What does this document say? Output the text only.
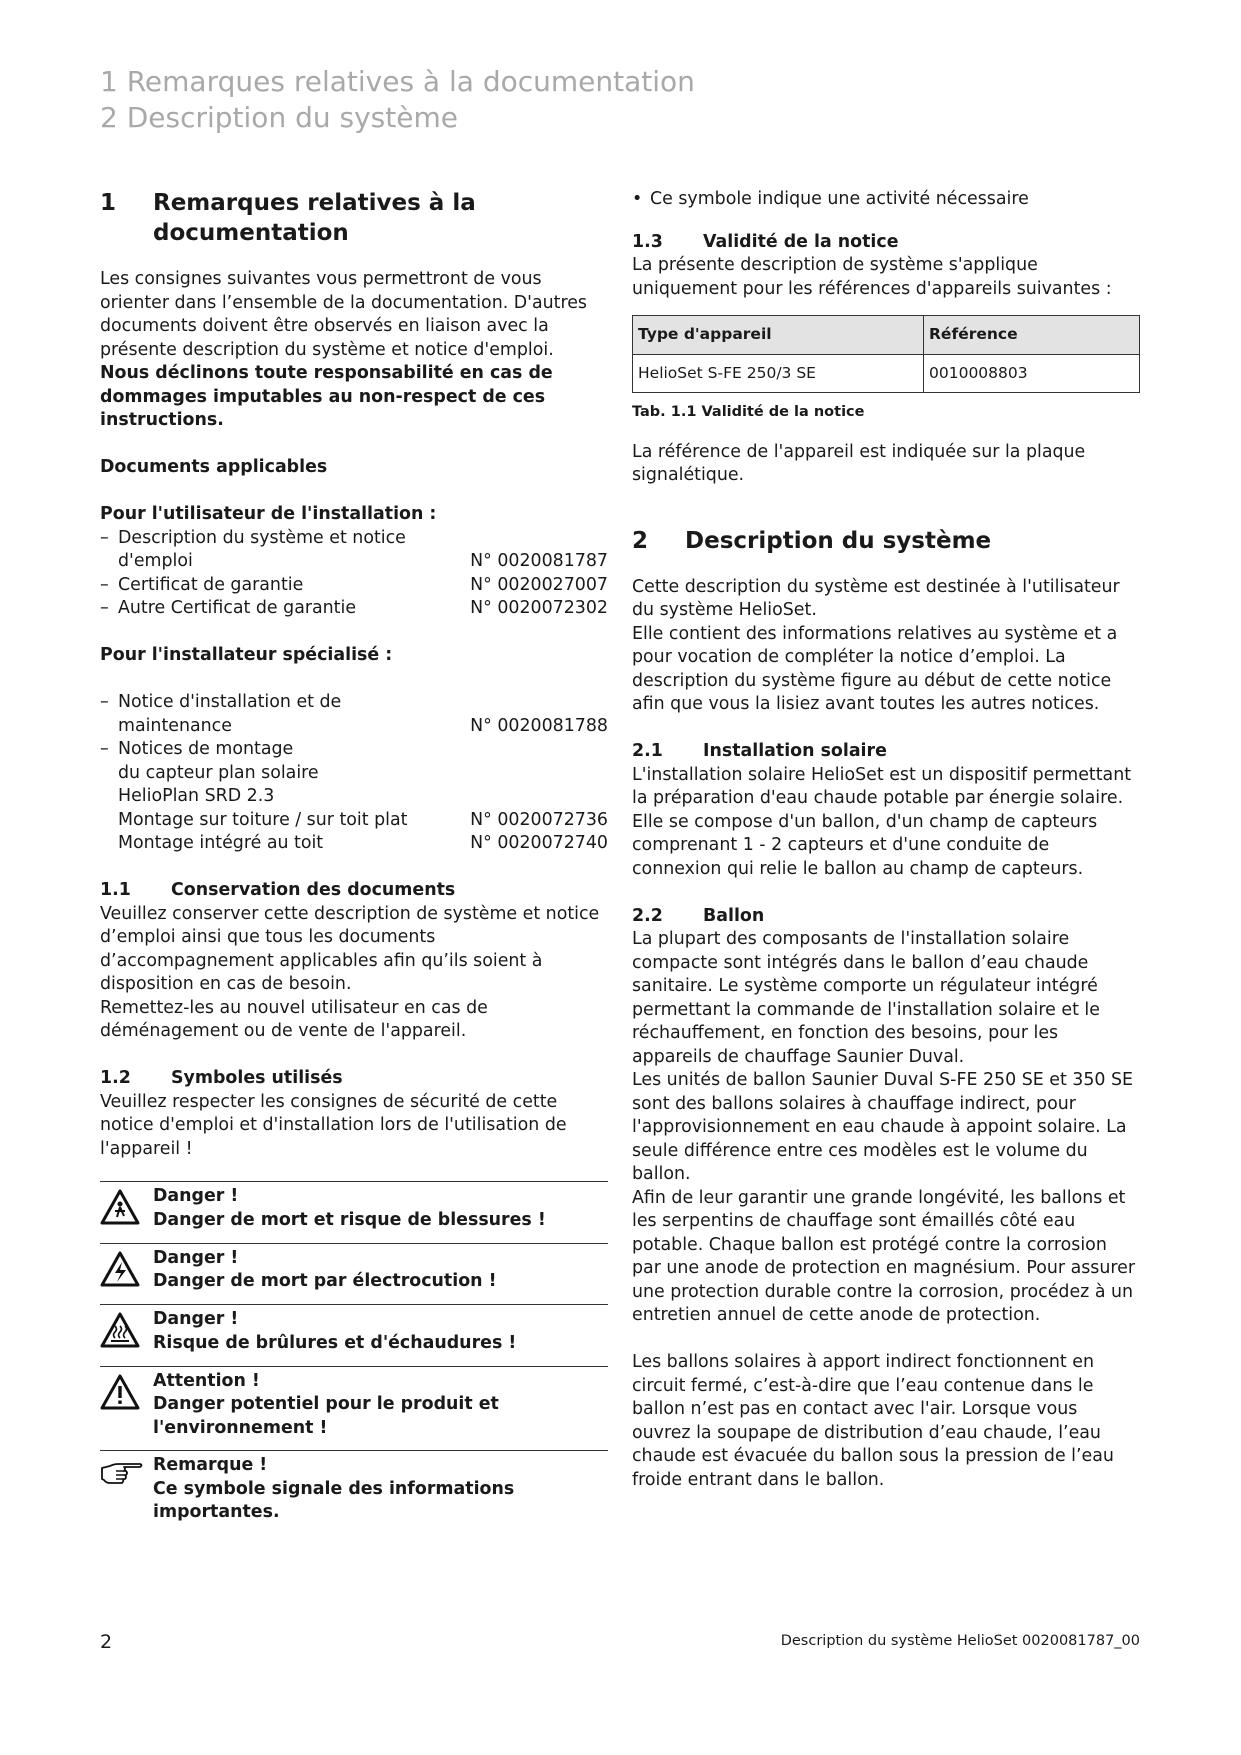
1 Remarques relatives à la documentation
2 Description du système
1	Remarques relatives à la documentation

Les consignes suivantes vous permettront de vous orienter dans l’ensemble de la documentation. D'autres documents doivent être observés en liaison avec la présente description du système et notice d'emploi.

Nous déclinons toute responsabilité en cas de dommages imputables au non-respect de ces instructions.

Documents applicables

Pour l'utilisateur de l'installation :

– Description du système et notice
d'emploi	N° 0020081787
– Certificat de garantie	N° 0020027007
– Autre Certificat de garantie	N° 0020072302

Pour l'installateur spécialisé :

– Notice d'installation et de
maintenance	N° 0020081788
– Notices de montage
du capteur plan solaire
HelioPlan SRD 2.3
Montage sur toiture / sur toit plat	N° 0020072736
Montage intégré au toit	N° 0020072740
1.1	Conservation des documents

Veuillez conserver cette description de système et notice d’emploi ainsi que tous les documents d’accompagnement applicables afin qu’ils soient à disposition en cas de besoin.

Remettez-les au nouvel utilisateur en cas de déménagement ou de vente de l'appareil.

1.2	Symboles utilisés

Veuillez respecter les consignes de sécurité de cette notice d'emploi et d'installation lors de l'utilisation de l'appareil !

Danger !
Danger de mort et risque de blessures !
Danger !
Danger de mort par électrocution !
Danger !
Risque de brûlures et d'échaudures !
Attention !
Danger potentiel pour le produit et l'environnement !
Remarque !
Ce symbole signale des informations importantes.
• Ce symbole indique une activité nécessaire
1.3	Validité de la notice

La présente description de système s'applique uniquement pour les références d'appareils suivantes :

Type d'appareil	Référence
HelioSet S-FE 250/3 SE	0010008803
Tab. 1.1 Validité de la notice

La référence de l'appareil est indiquée sur la plaque signalétique.

2	Description du système

Cette description du système est destinée à l'utilisateur du système HelioSet.

Elle contient des informations relatives au système et a pour vocation de compléter la notice d’emploi. La description du système figure au début de cette notice afin que vous la lisiez avant toutes les autres notices.

2.1	Installation solaire

L'installation solaire HelioSet est un dispositif permettant la préparation d'eau chaude potable par énergie solaire.

Elle se compose d'un ballon, d'un champ de capteurs comprenant 1 - 2 capteurs et d'une conduite de connexion qui relie le ballon au champ de capteurs.

2.2	Ballon

La plupart des composants de l'installation solaire compacte sont intégrés dans le ballon d’eau chaude sanitaire. Le système comporte un régulateur intégré permettant la commande de l'installation solaire et le réchauffement, en fonction des besoins, pour les appareils de chauffage Saunier Duval.

Les unités de ballon Saunier Duval S-FE 250 SE et 350 SE sont des ballons solaires à chauffage indirect, pour l'approvisionnement en eau chaude à appoint solaire. La seule différence entre ces modèles est le volume du ballon.

Afin de leur garantir une grande longévité, les ballons et les serpentins de chauffage sont émaillés côté eau potable. Chaque ballon est protégé contre la corrosion par une anode de protection en magnésium. Pour assurer une protection durable contre la corrosion, procédez à un entretien annuel de cette anode de protection.

Les ballons solaires à apport indirect fonctionnent en circuit fermé, c’est-à-dire que l’eau contenue dans le ballon n’est pas en contact avec l'air. Lorsque vous ouvrez la soupape de distribution d’eau chaude, l’eau chaude est évacuée du ballon sous la pression de l’eau froide entrant dans le ballon.

2	Description du système HelioSet 0020081787_00
